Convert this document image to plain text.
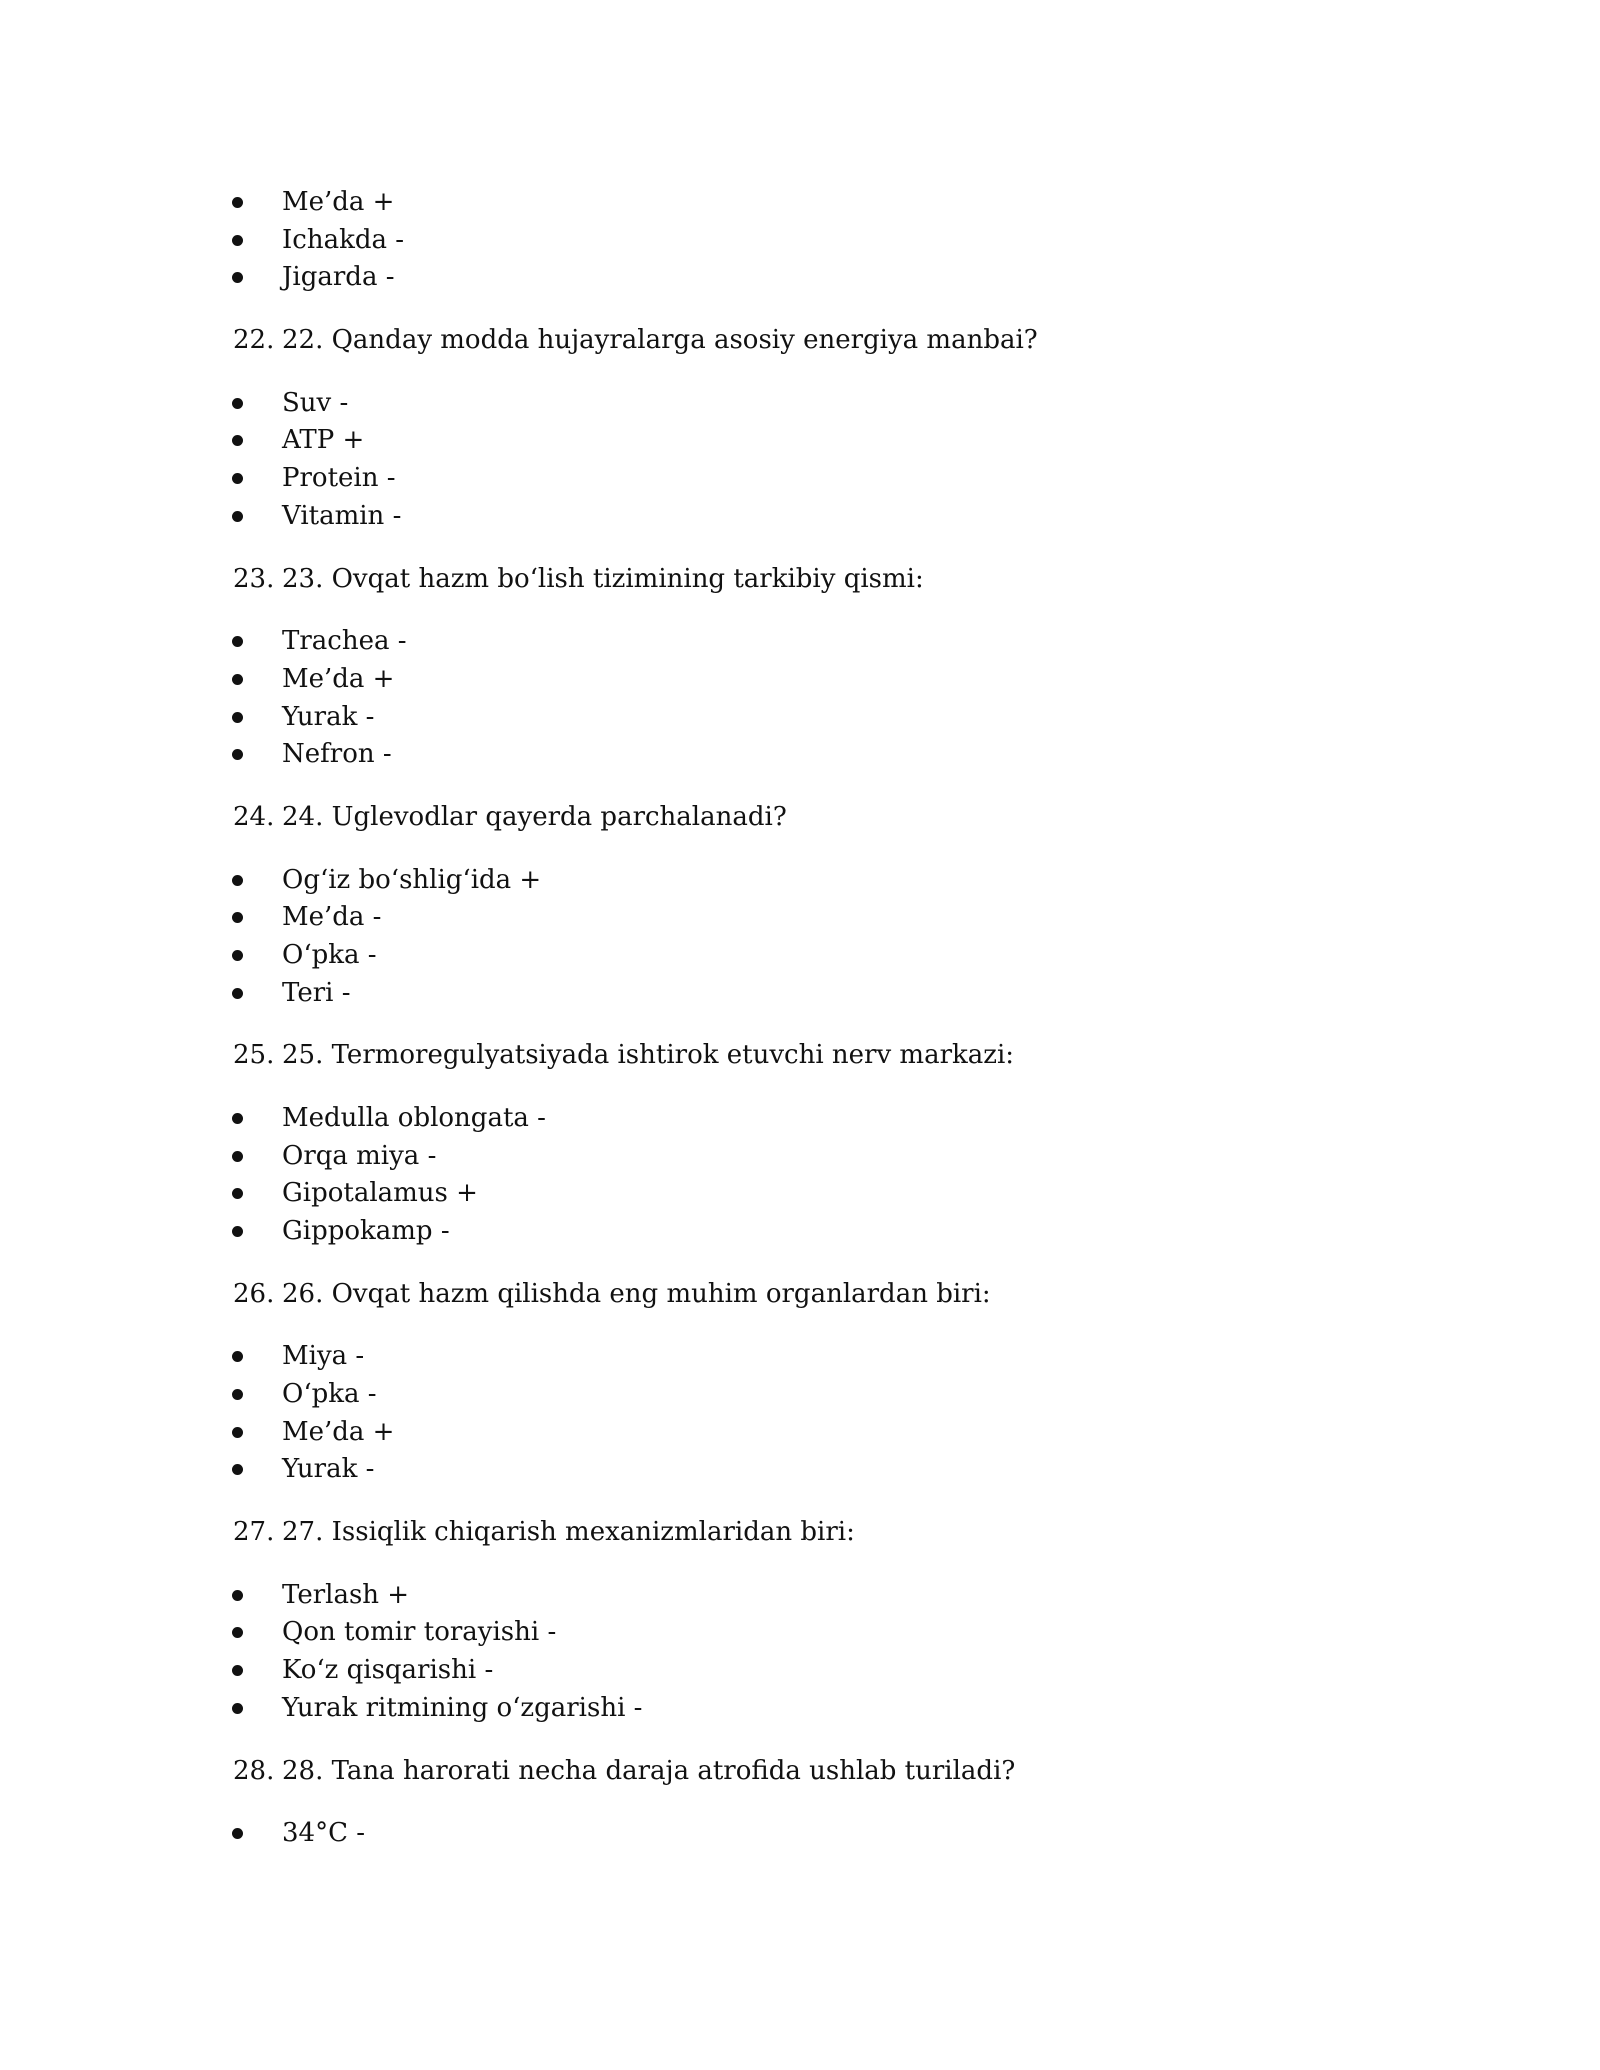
Me’da +
Ichakda -
Jigarda -
22. 22. Qanday modda hujayralarga asosiy energiya manbai?
Suv -
ATP +
Protein -
Vitamin -
23. 23. Ovqat hazm bo‘lish tizimining tarkibiy qismi:
Trachea -
Me’da +
Yurak -
Nefron -
24. 24. Uglevodlar qayerda parchalanadi?
Og‘iz bo‘shlig‘ida +
Me’da -
O‘pka -
Teri -
25. 25. Termoregulyatsiyada ishtirok etuvchi nerv markazi:
Medulla oblongata -
Orqa miya -
Gipotalamus +
Gippokamp -
26. 26. Ovqat hazm qilishda eng muhim organlardan biri:
Miya -
O‘pka -
Me’da +
Yurak -
27. 27. Issiqlik chiqarish mexanizmlaridan biri:
Terlash +
Qon tomir torayishi -
Ko‘z qisqarishi -
Yurak ritmining o‘zgarishi -
28. 28. Tana harorati necha daraja atrofida ushlab turiladi?
34°C -
